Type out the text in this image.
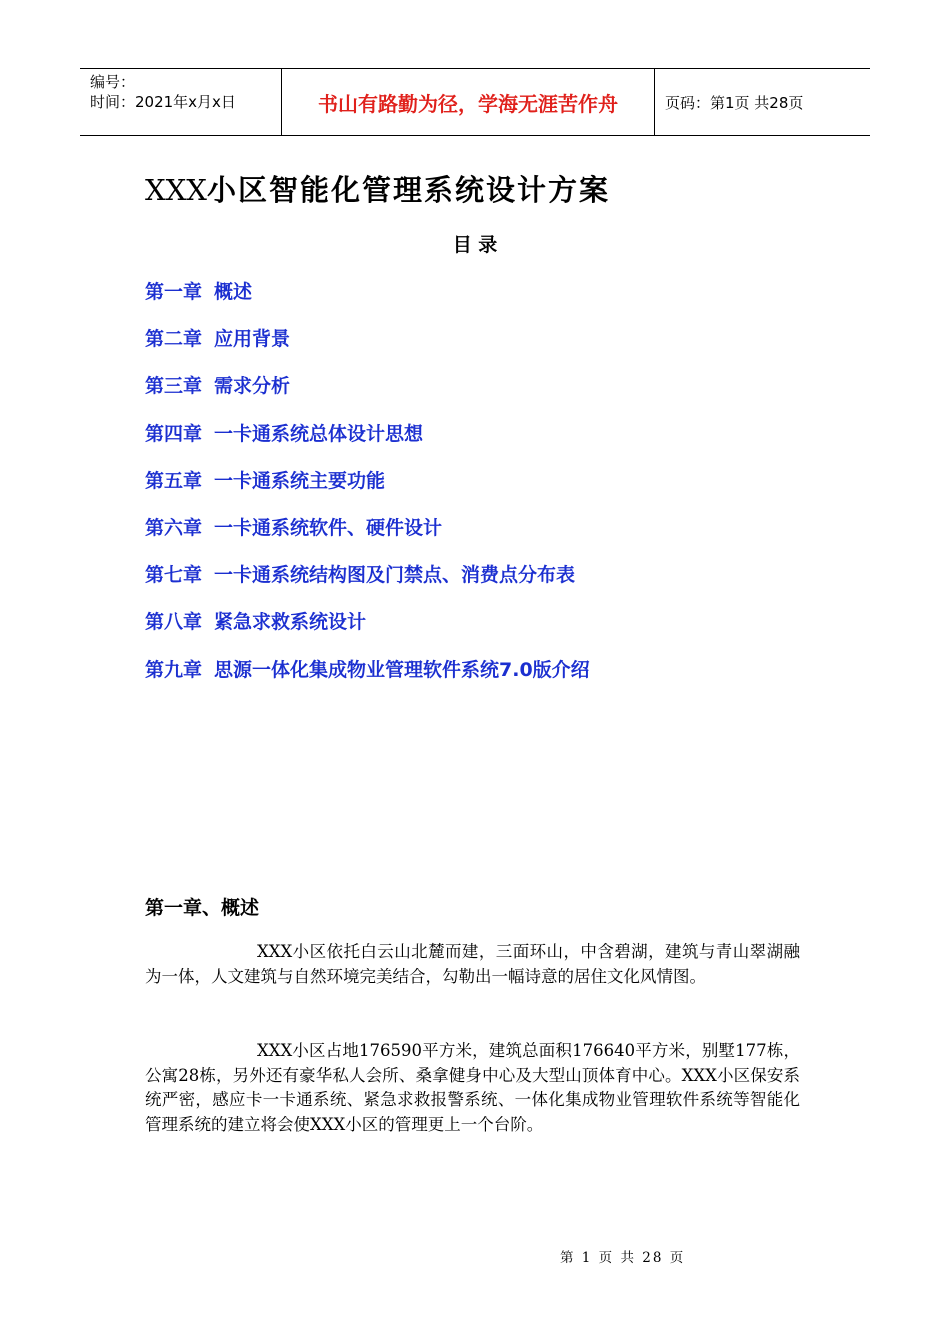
编号：
时间：2021年x月x日	书山有路勤为径，学海无涯苦作舟	页码：第1页 共28页
XXX小区智能化管理系统设计方案
目 录
第一章 概述
第二章 应用背景
第三章 需求分析
第四章 一卡通系统总体设计思想
第五章 一卡通系统主要功能
第六章 一卡通系统软件、硬件设计
第七章 一卡通系统结构图及门禁点、消费点分布表
第八章 紧急求救系统设计
第九章 思源一体化集成物业管理软件系统7.0版介绍
第一章、概述

XXX小区依托白云山北麓而建，三面环山，中含碧湖，建筑与青山翠湖融为一体，人文建筑与自然环境完美结合，勾勒出一幅诗意的居住文化风情图。

XXX小区占地176590平方米，建筑总面积176640平方米，别墅177栋，公寓28栋，另外还有豪华私人会所、桑拿健身中心及大型山顶体育中心。XXX小区保安系统严密，感应卡一卡通系统、紧急求救报警系统、一体化集成物业管理软件系统等智能化管理系统的建立将会使XXX小区的管理更上一个台阶。

第 1 页 共 28 页
